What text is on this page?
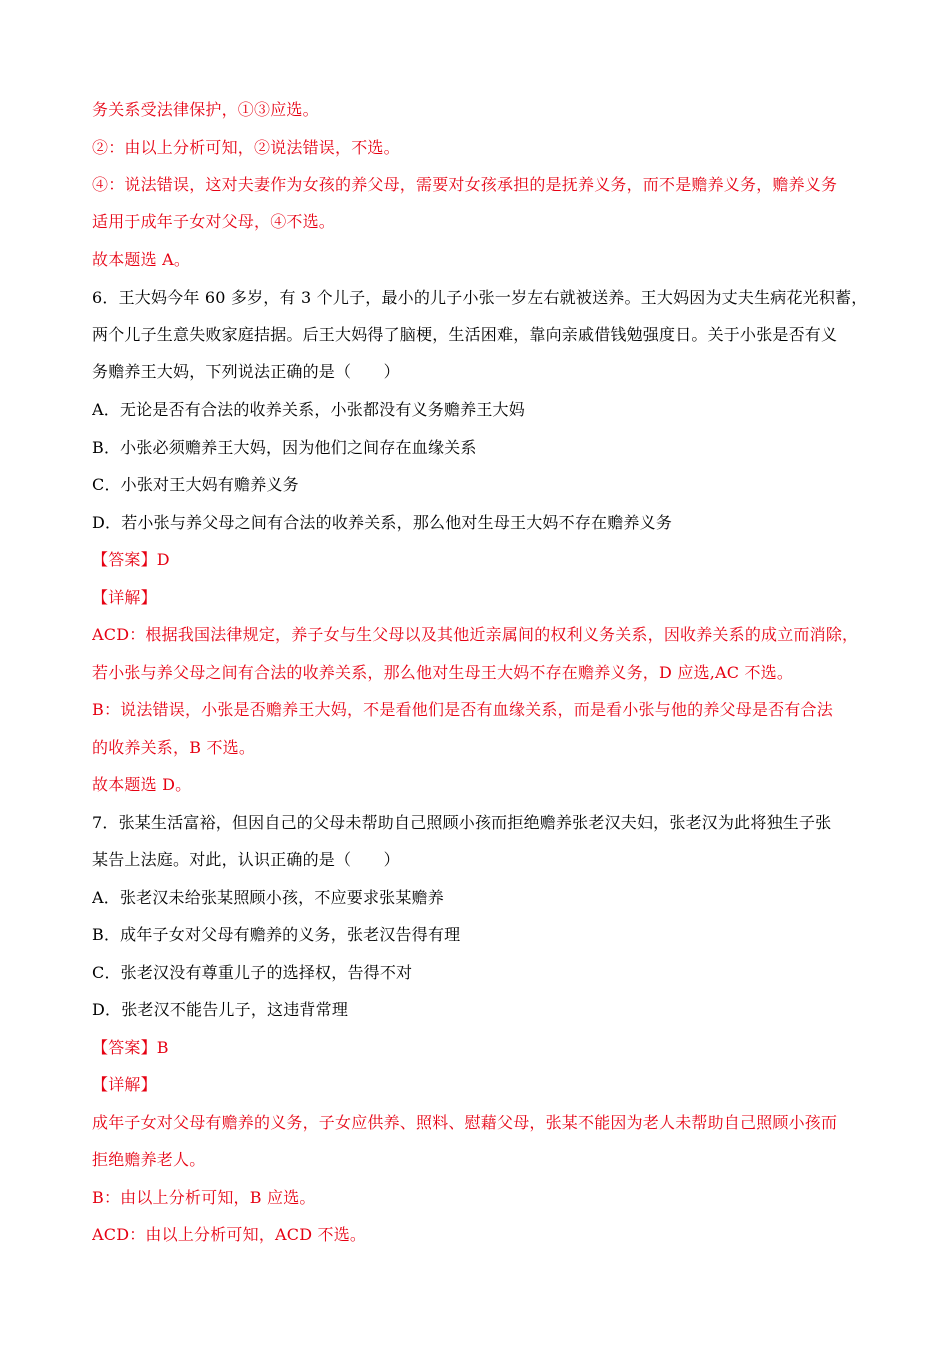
务关系受法律保护，①③应选。
②：由以上分析可知，②说法错误，不选。
④：说法错误，这对夫妻作为女孩的养父母，需要对女孩承担的是抚养义务，而不是赡养义务，赡养义务
适用于成年子女对父母，④不选。
故本题选 A。
6．王大妈今年 60 多岁，有 3 个儿子，最小的儿子小张一岁左右就被送养。王大妈因为丈夫生病花光积蓄，
两个儿子生意失败家庭拮据。后王大妈得了脑梗，生活困难，靠向亲戚借钱勉强度日。关于小张是否有义
务赡养王大妈，下列说法正确的是（　　）
A．无论是否有合法的收养关系，小张都没有义务赡养王大妈
B．小张必须赡养王大妈，因为他们之间存在血缘关系
C．小张对王大妈有赡养义务
D．若小张与养父母之间有合法的收养关系，那么他对生母王大妈不存在赡养义务
【答案】D
【详解】
ACD：根据我国法律规定，养子女与生父母以及其他近亲属间的权利义务关系，因收养关系的成立而消除，
若小张与养父母之间有合法的收养关系，那么他对生母王大妈不存在赡养义务，D 应选,AC 不选。
B：说法错误，小张是否赡养王大妈，不是看他们是否有血缘关系，而是看小张与他的养父母是否有合法
的收养关系，B 不选。
故本题选 D。
7．张某生活富裕，但因自己的父母未帮助自己照顾小孩而拒绝赡养张老汉夫妇，张老汉为此将独生子张
某告上法庭。对此，认识正确的是（　　）
A．张老汉未给张某照顾小孩，不应要求张某赡养
B．成年子女对父母有赡养的义务，张老汉告得有理
C．张老汉没有尊重儿子的选择权，告得不对
D．张老汉不能告儿子，这违背常理
【答案】B
【详解】
成年子女对父母有赡养的义务，子女应供养、照料、慰藉父母，张某不能因为老人未帮助自己照顾小孩而
拒绝赡养老人。
B：由以上分析可知，B 应选。
ACD：由以上分析可知，ACD 不选。
